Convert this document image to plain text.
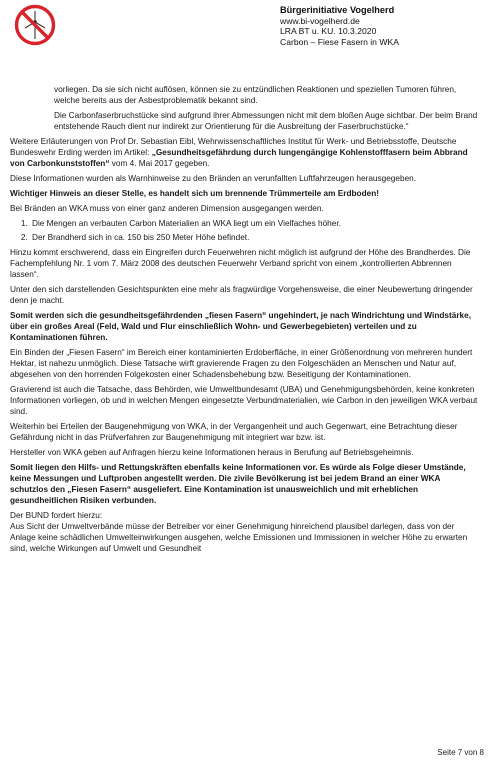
Bürgerinitiative Vogelherd
www.bi-vogelherd.de
LRA BT u. KU. 10.3.2020
Carbon – Fiese Fasern in WKA

vorliegen. Da sie sich nicht auflösen, können sie zu entzündlichen Reaktionen und speziellen Tumoren führen, welche bereits aus der Asbestproblematik bekannt sind.

Die Carbonfaserbruchstücke sind aufgrund ihrer Abmessungen nicht mit dem bloßen Auge sichtbar. Der beim Brand entstehende Rauch dient nur indirekt zur Orientierung für die Ausbreitung der Faserbruchstücke.“

Weitere Erläuterungen von Prof Dr. Sebastian Eibl, Wehrwissenschaftliches Institut für Werk- und Betriebsstoffe, Deutsche Bundeswehr Erding werden im Artikel: „Gesundheitsgefährdung durch lungengängige Kohlenstofffasern beim Abbrand von Carbonkunststoffen“ vom 4. Mai 2017 gegeben.

Diese Informationen wurden als Warnhinweise zu den Bränden an verunfallten Luftfahrzeugen herausgegeben.

Wichtiger Hinweis an dieser Stelle, es handelt sich um brennende Trümmerteile am Erdboden!

Bei Bränden an WKA muss von einer ganz anderen Dimension ausgegangen werden.

1. Die Mengen an verbauten Carbon Materialien an WKA liegt um ein Vielfaches höher.
2. Der Brandherd sich in ca. 150 bis 250 Meter Höhe befindet.

Hinzu kommt erschwerend, dass ein Eingreifen durch Feuerwehren nicht möglich ist aufgrund der Höhe des Brandherdes. Die Fachempfehlung Nr. 1 vom 7. März 2008 des deutschen Feuerwehr Verband spricht von einem „kontrollierten Abbrennen lassen“.

Unter den sich darstellenden Gesichtspunkten eine mehr als fragwürdige Vorgehensweise, die einer Neubewertung dringender denn je macht.

Somit werden sich die gesundheitsgefährdenden „fiesen Fasern“ ungehindert, je nach Windrichtung und Windstärke, über ein großes Areal (Feld, Wald und Flur einschließlich Wohn- und Gewerbegebieten) verteilen und zu Kontaminationen führen.

Ein Binden der „Fiesen Fasern“ im Bereich einer kontaminierten Erdoberfläche, in einer Größenordnung von mehreren hundert Hektar, ist nahezu unmöglich. Diese Tatsache wirft gravierende Fragen zu den Folgeschäden an Menschen und Natur auf, abgesehen von den horrenden Folgekosten einer Schadensbehebung bzw. Beseitigung der Kontaminationen.

Gravierend ist auch die Tatsache, dass Behörden, wie Umweltbundesamt (UBA) und Genehmigungsbehörden, keine konkreten Informationen vorliegen, ob und in welchen Mengen eingesetzte Verbundmaterialien, wie Carbon in den jeweiligen WKA verbaut sind.

Weiterhin bei Erteilen der Baugenehmigung von WKA, in der Vergangenheit und auch Gegenwart, eine Betrachtung dieser Gefährdung nicht in das Prüfverfahren zur Baugenehmigung mit integriert war bzw. ist.

Hersteller von WKA geben auf Anfragen hierzu keine Informationen heraus in Berufung auf Betriebsgeheimnis.

Somit liegen den Hilfs- und Rettungskräften ebenfalls keine Informationen vor. Es würde als Folge dieser Umstände, keine Messungen und Luftproben angestellt werden. Die zivile Bevölkerung ist bei jedem Brand an einer WKA schutzlos den „Fiesen Fasern“ ausgeliefert. Eine Kontamination ist unausweichlich und mit erheblichen gesundheitlichen Risiken verbunden.

Der BUND fordert hierzu:
Aus Sicht der Umweltverbände müsse der Betreiber vor einer Genehmigung hinreichend plausibel darlegen, dass von der Anlage keine schädlichen Umwelteinwirkungen ausgehen, welche Emissionen und Immissionen in welcher Höhe zu erwarten sind, welche Wirkungen auf Umwelt und Gesundheit

Seite 7 von 8
